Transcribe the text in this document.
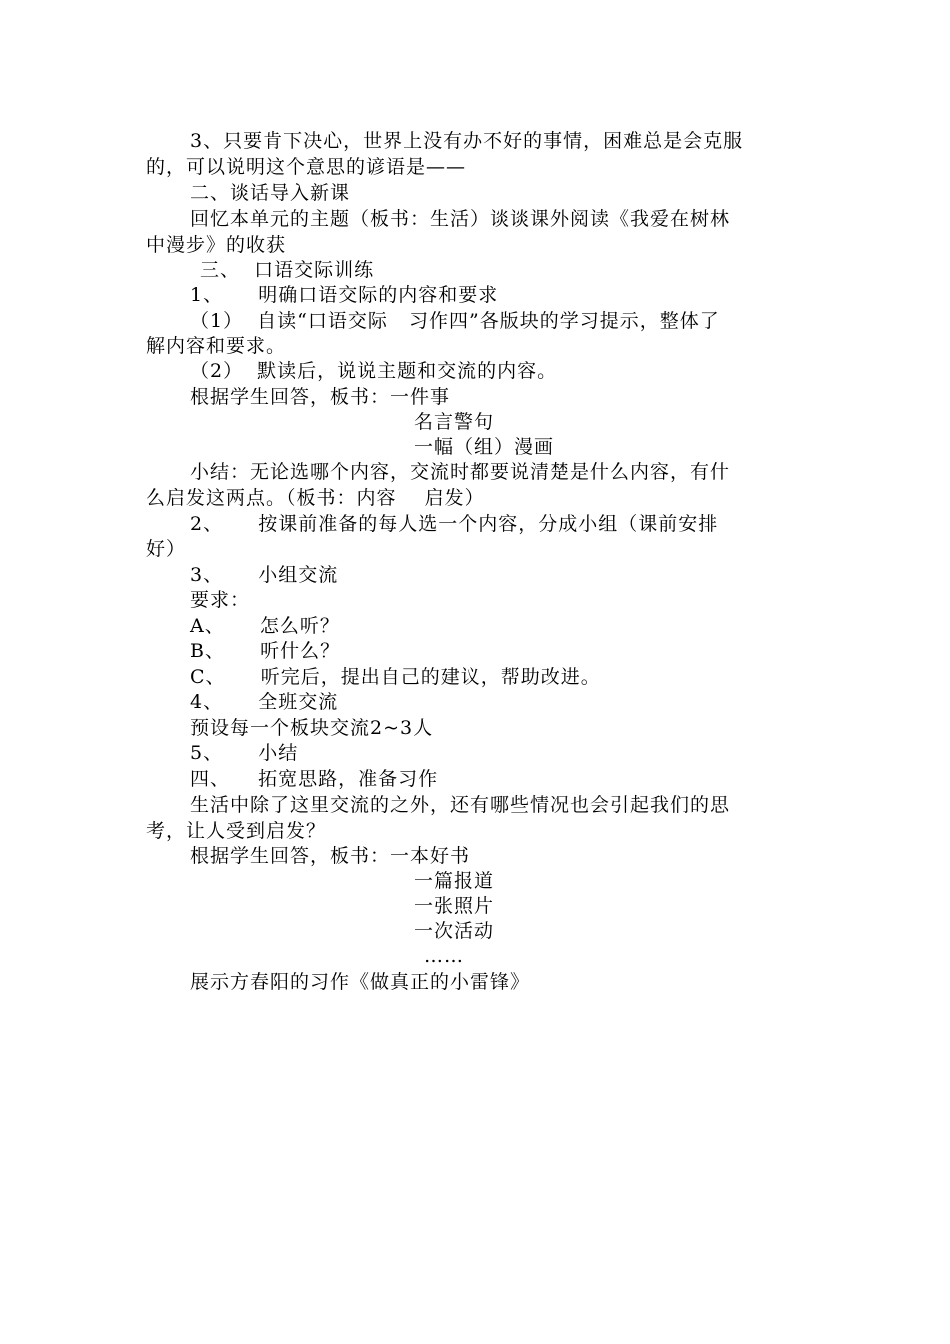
3、只要肯下决心，世界上没有办不好的事情，困难总是会克服
的，可以说明这个意思的谚语是——
二、谈话导入新课
回忆本单元的主题（板书：生活）谈谈课外阅读《我爱在树林
中漫步》的收获
三、  口语交际训练
1、     明确口语交际的内容和要求
（1）  自读“口语交际   习作四”各版块的学习提示，整体了
解内容和要求。
（2）  默读后，说说主题和交流的内容。
根据学生回答，板书：一件事
名言警句
一幅（组）漫画
小结：无论选哪个内容，交流时都要说清楚是什么内容，有什
么启发这两点。（板书：内容    启发）
2、     按课前准备的每人选一个内容，分成小组（课前安排
好）
3、     小组交流
要求：
A、     怎么听？
B、     听什么？
C、     听完后，提出自己的建议，帮助改进。
4、     全班交流
预设每一个板块交流2~3人
5、     小结
四、    拓宽思路，准备习作
生活中除了这里交流的之外，还有哪些情况也会引起我们的思
考，让人受到启发？
根据学生回答，板书：一本好书
一篇报道
一张照片
一次活动
……
展示方春阳的习作《做真正的小雷锋》
